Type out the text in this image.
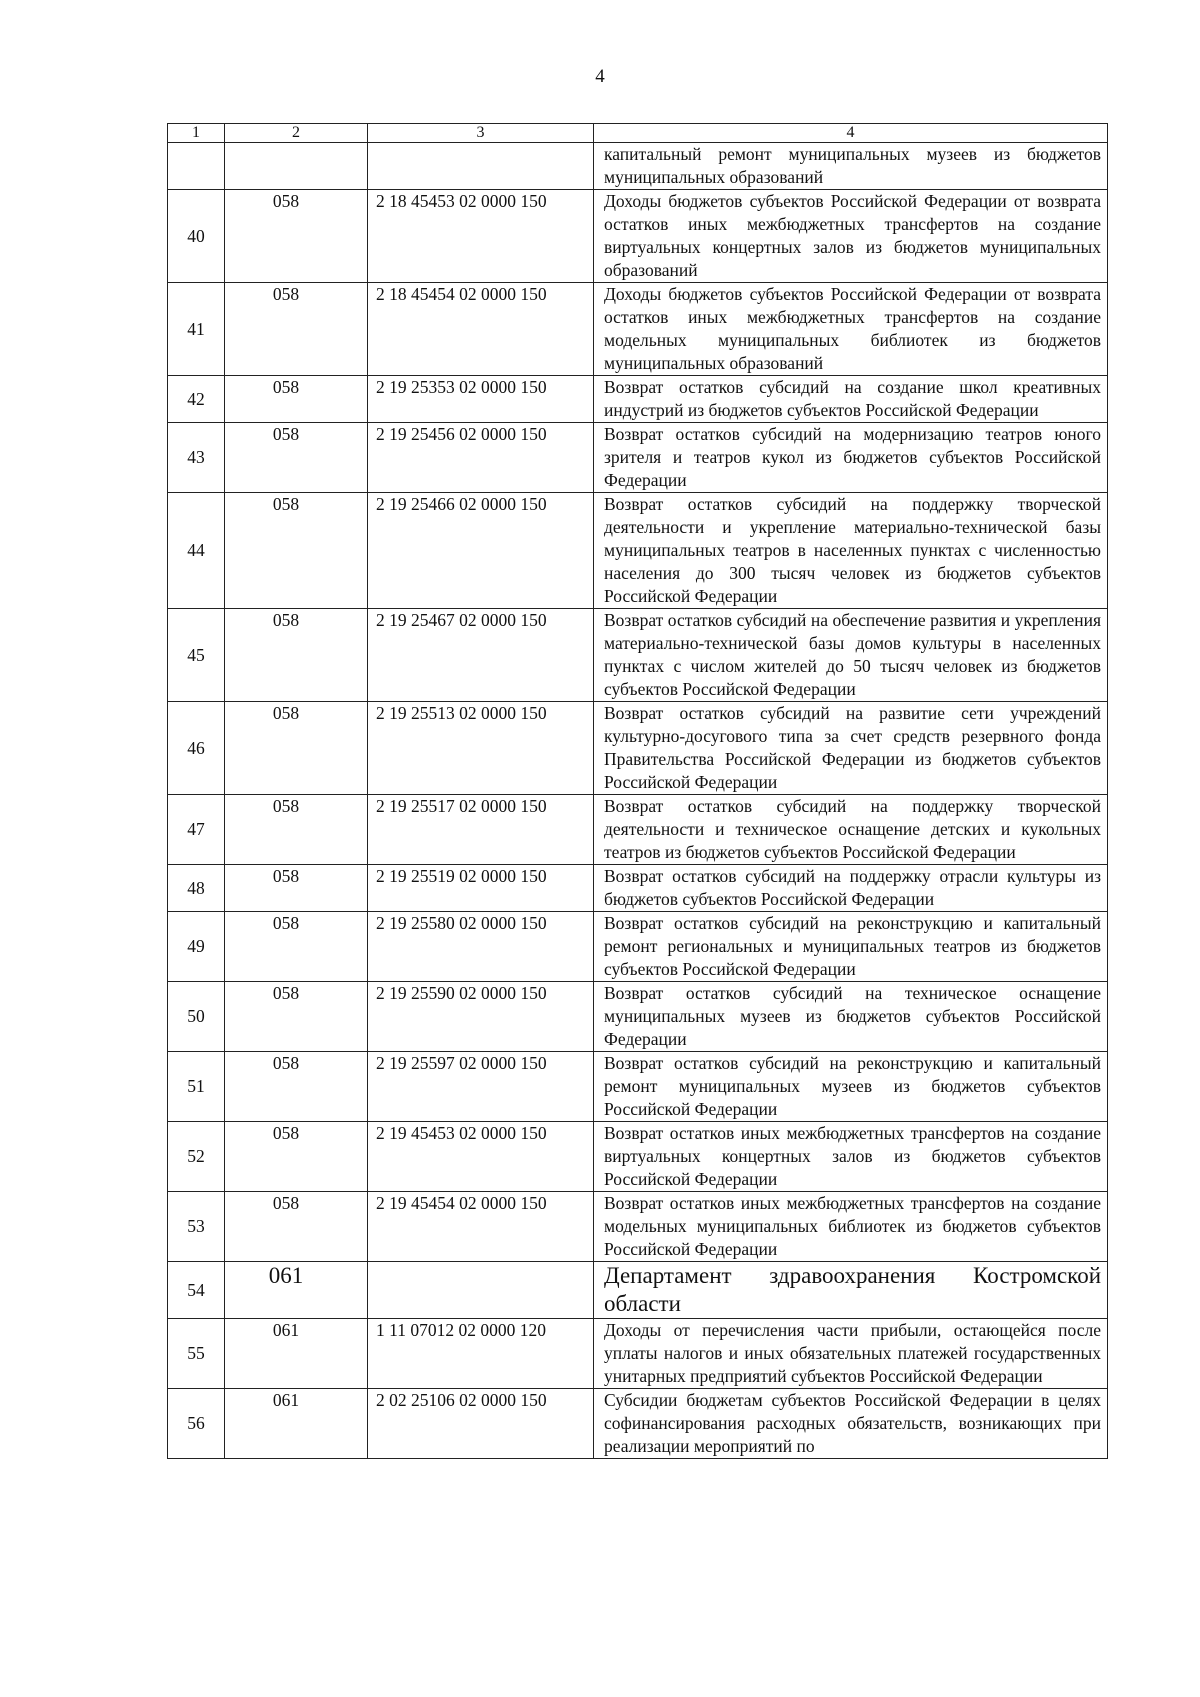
4
1	2	3	4
			капитальный ремонт муниципальных музеев из бюджетов муниципальных образований
40	058	2 18 45453 02 0000 150	Доходы бюджетов субъектов Российской Федерации от возврата остатков иных межбюджетных трансфертов на создание виртуальных концертных залов из бюджетов муниципальных образований
41	058	2 18 45454 02 0000 150	Доходы бюджетов субъектов Российской Федерации от возврата остатков иных межбюджетных трансфертов на создание модельных муниципальных библиотек из бюджетов муниципальных образований
42	058	2 19 25353 02 0000 150	Возврат остатков субсидий на создание школ креативных индустрий из бюджетов субъектов Российской Федерации
43	058	2 19 25456 02 0000 150	Возврат остатков субсидий на модернизацию театров юного зрителя и театров кукол из бюджетов субъектов Российской Федерации
44	058	2 19 25466 02 0000 150	Возврат остатков субсидий на поддержку творческой деятельности и укрепление материально-технической базы муниципальных театров в населенных пунктах с численностью населения до 300 тысяч человек из бюджетов субъектов Российской Федерации
45	058	2 19 25467 02 0000 150	Возврат остатков субсидий на обеспечение развития и укрепления материально-технической базы домов культуры в населенных пунктах с числом жителей до 50 тысяч человек из бюджетов субъектов Российской Федерации
46	058	2 19 25513 02 0000 150	Возврат остатков субсидий на развитие сети учреждений культурно-досугового типа за счет средств резервного фонда Правительства Российской Федерации из бюджетов субъектов Российской Федерации
47	058	2 19 25517 02 0000 150	Возврат остатков субсидий на поддержку творческой деятельности и техническое оснащение детских и кукольных театров из бюджетов субъектов Российской Федерации
48	058	2 19 25519 02 0000 150	Возврат остатков субсидий на поддержку отрасли культуры из бюджетов субъектов Российской Федерации
49	058	2 19 25580 02 0000 150	Возврат остатков субсидий на реконструкцию и капитальный ремонт региональных и муниципальных театров из бюджетов субъектов Российской Федерации
50	058	2 19 25590 02 0000 150	Возврат остатков субсидий на техническое оснащение муниципальных музеев из бюджетов субъектов Российской Федерации
51	058	2 19 25597 02 0000 150	Возврат остатков субсидий на реконструкцию и капитальный ремонт муниципальных музеев из бюджетов субъектов Российской Федерации
52	058	2 19 45453 02 0000 150	Возврат остатков иных межбюджетных трансфертов на создание виртуальных концертных залов из бюджетов субъектов Российской Федерации
53	058	2 19 45454 02 0000 150	Возврат остатков иных межбюджетных трансфертов на создание модельных муниципальных библиотек из бюджетов субъектов Российской Федерации
54	061		Департамент здравоохранения Костромской области
55	061	1 11 07012 02 0000 120	Доходы от перечисления части прибыли, остающейся после уплаты налогов и иных обязательных платежей государственных унитарных предприятий субъектов Российской Федерации
56	061	2 02 25106 02 0000 150	Субсидии бюджетам субъектов Российской Федерации в целях софинансирования расходных обязательств, возникающих при реализации мероприятий по
